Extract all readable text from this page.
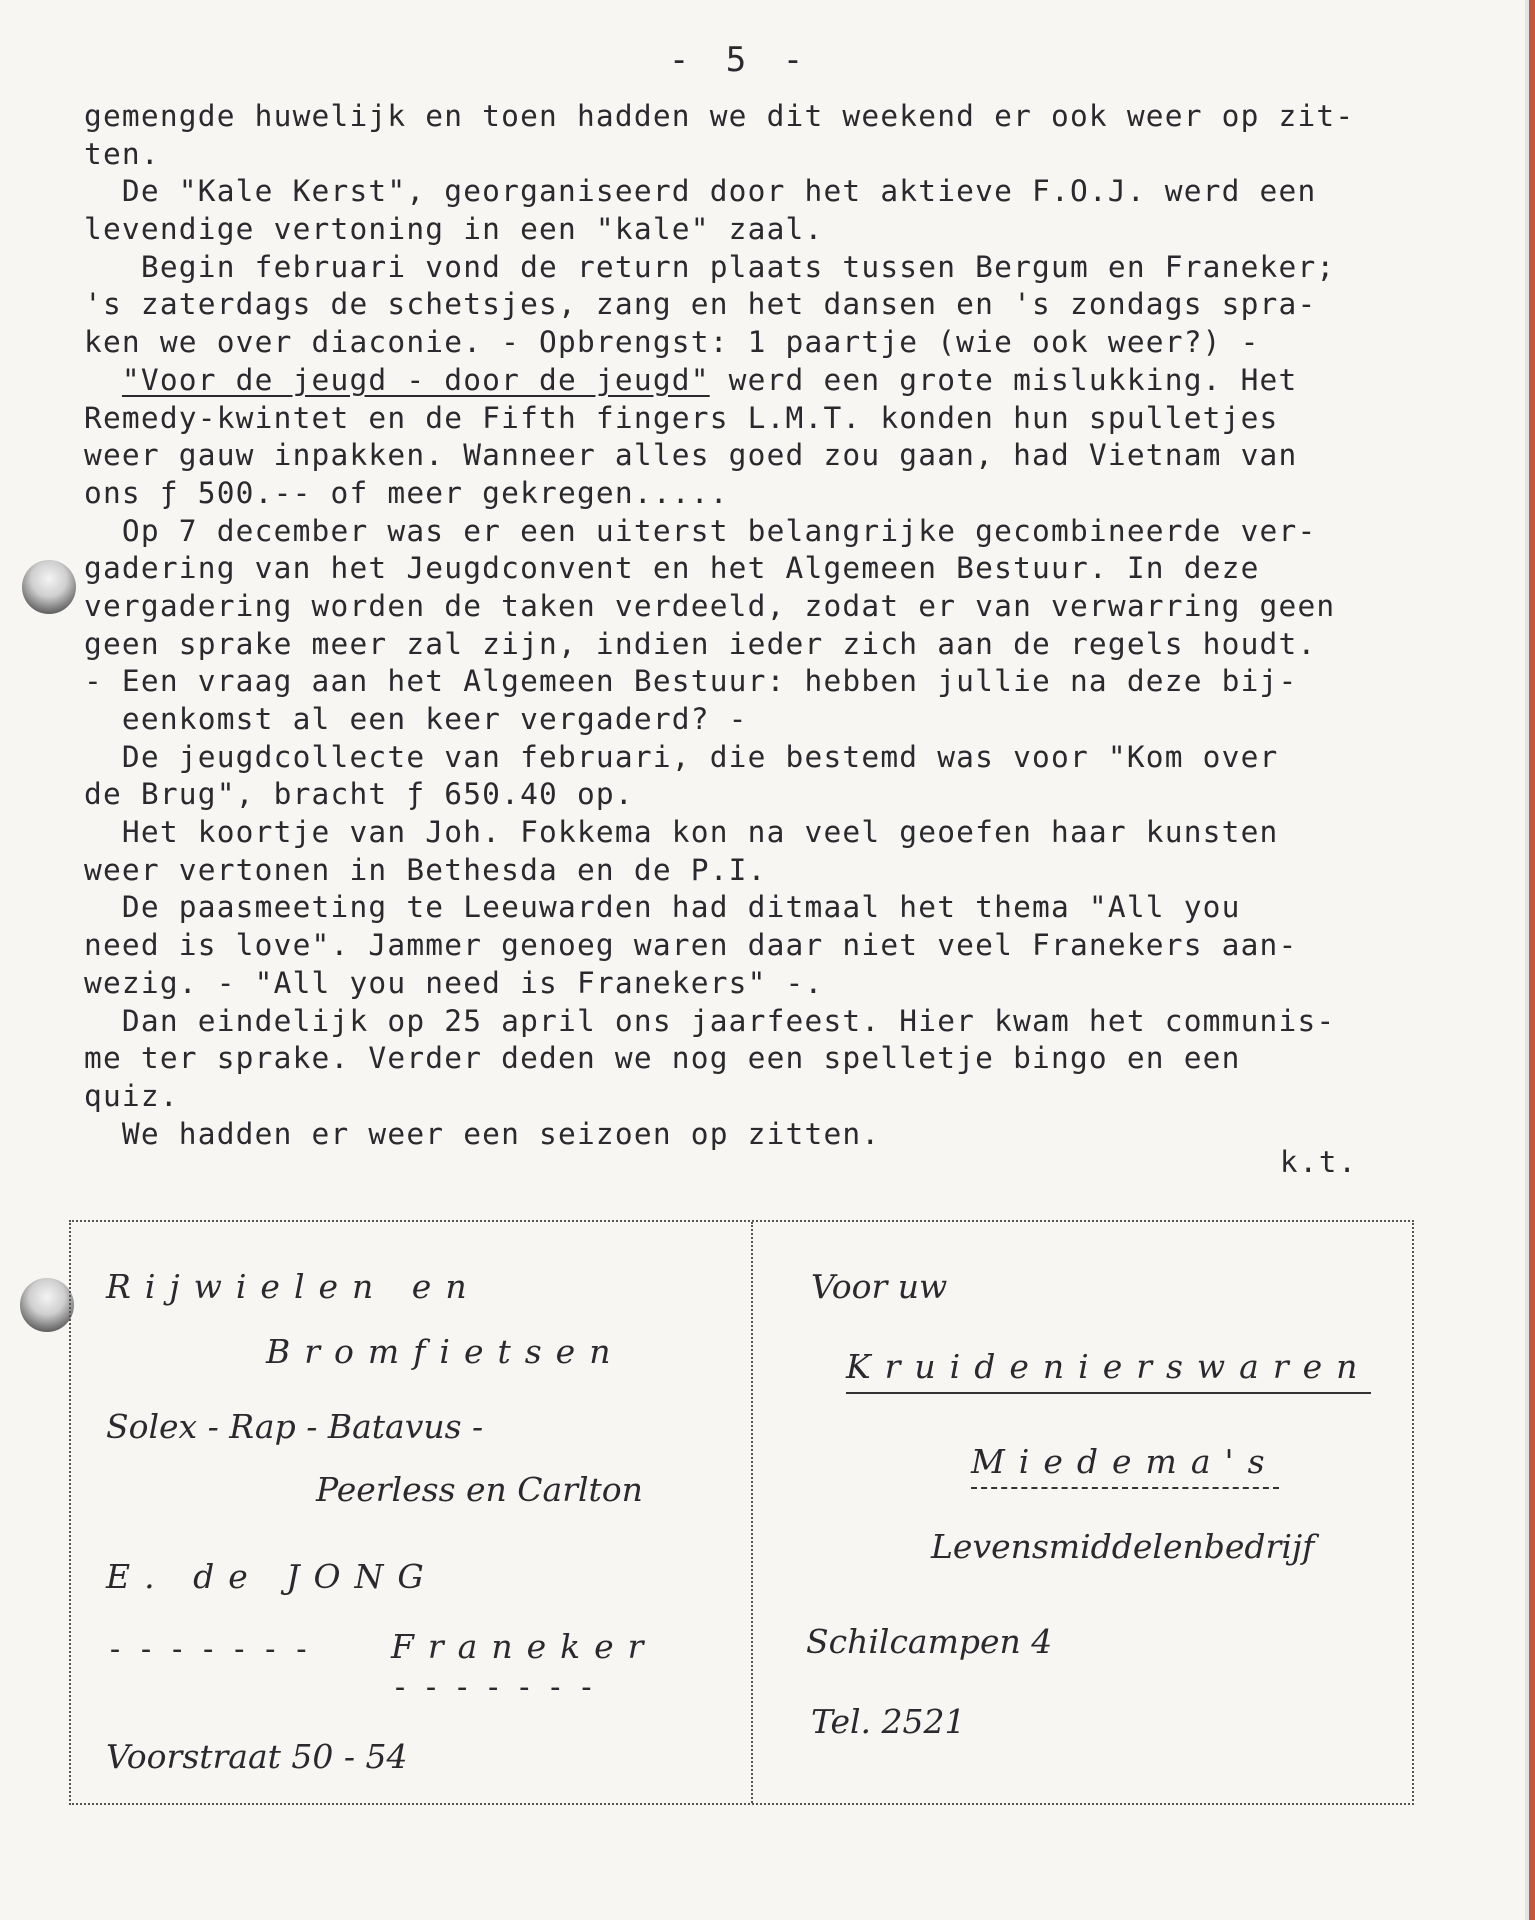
- 5 -
gemengde huwelijk en toen hadden we dit weekend er ook weer op zit-
ten.
De "Kale Kerst", georganiseerd door het aktieve F.O.J. werd een
levendige vertoning in een "kale" zaal.
Begin februari vond de return plaats tussen Bergum en Franeker;
's zaterdags de schetsjes, zang en het dansen en 's zondags spra-
ken we over diaconie. - Opbrengst: 1 paartje (wie ook weer?) -
"Voor de jeugd - door de jeugd" werd een grote mislukking. Het
Remedy-kwintet en de Fifth fingers L.M.T. konden hun spulletjes
weer gauw inpakken. Wanneer alles goed zou gaan, had Vietnam van
ons ƒ 500.-- of meer gekregen.....
Op 7 december was er een uiterst belangrijke gecombineerde ver-
gadering van het Jeugdconvent en het Algemeen Bestuur. In deze
vergadering worden de taken verdeeld, zodat er van verwarring geen
geen sprake meer zal zijn, indien ieder zich aan de regels houdt.
- Een vraag aan het Algemeen Bestuur: hebben jullie na deze bij-
eenkomst al een keer vergaderd? -
De jeugdcollecte van februari, die bestemd was voor "Kom over
de Brug", bracht ƒ 650.40 op.
Het koortje van Joh. Fokkema kon na veel geoefen haar kunsten
weer vertonen in Bethesda en de P.I.
De paasmeeting te Leeuwarden had ditmaal het thema "All you
need is love". Jammer genoeg waren daar niet veel Franekers aan-
wezig. - "All you need is Franekers" -.
Dan eindelijk op 25 april ons jaarfeest. Hier kwam het communis-
me ter sprake. Verder deden we nog een spelletje bingo en een
quiz.
We hadden er weer een seizoen op zitten.
k.t.
Rijwielen en
Bromfietsen
Solex - Rap - Batavus -
Peerless en Carlton
E. de JONG
------- Franeker
-------
Voorstraat 50 - 54
Voor uw
Kruidenierswaren
Miedema's
Levensmiddelenbedrijf
Schilcampen 4
Tel. 2521
